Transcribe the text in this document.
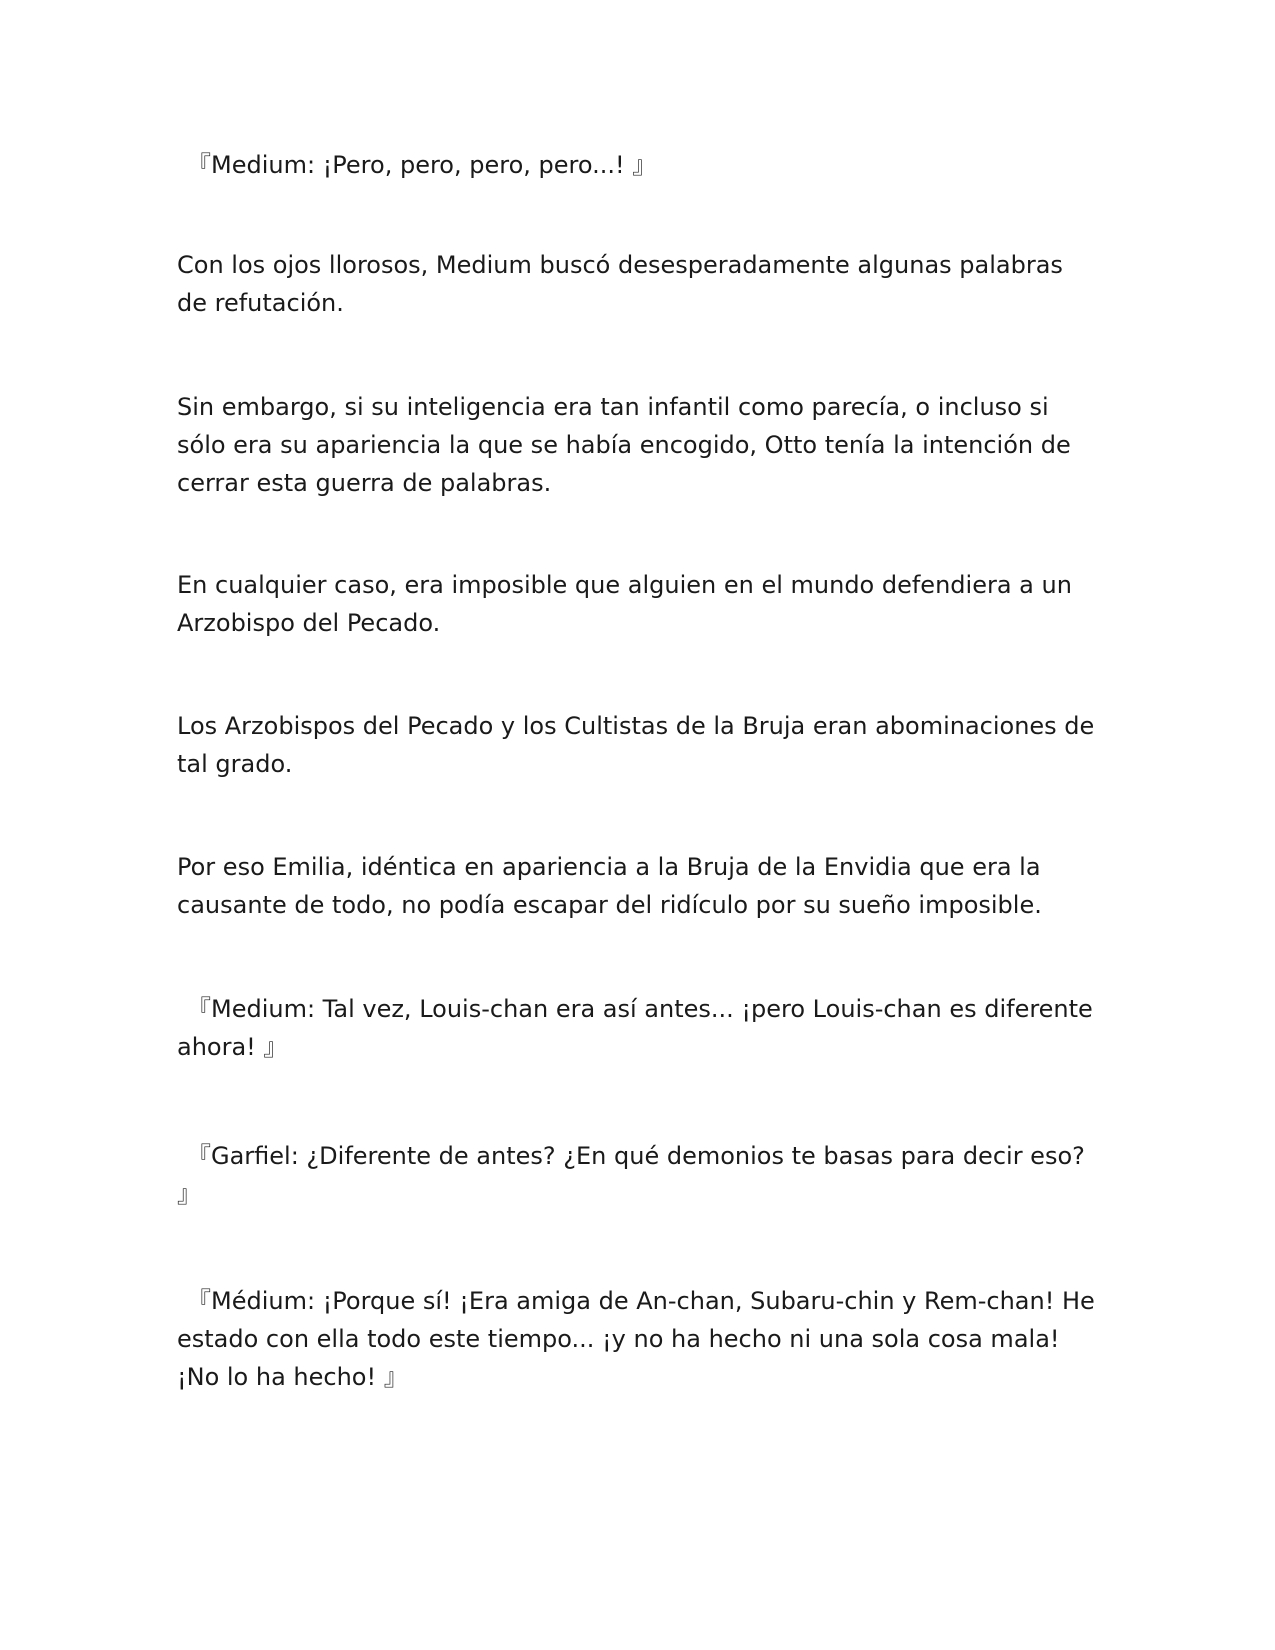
『Medium: ¡Pero, pero, pero, pero...! 』

Con los ojos llorosos, Medium buscó desesperadamente algunas palabras de refutación.

Sin embargo, si su inteligencia era tan infantil como parecía, o incluso si sólo era su apariencia la que se había encogido, Otto tenía la intención de cerrar esta guerra de palabras.

En cualquier caso, era imposible que alguien en el mundo defendiera a un Arzobispo del Pecado.

Los Arzobispos del Pecado y los Cultistas de la Bruja eran abominaciones de tal grado.

Por eso Emilia, idéntica en apariencia a la Bruja de la Envidia que era la causante de todo, no podía escapar del ridículo por su sueño imposible.

『Medium: Tal vez, Louis-chan era así antes... ¡pero Louis-chan es diferente ahora! 』

『Garfiel: ¿Diferente de antes? ¿En qué demonios te basas para decir eso? 』

『Médium: ¡Porque sí! ¡Era amiga de An-chan, Subaru-chin y Rem-chan! He estado con ella todo este tiempo... ¡y no ha hecho ni una sola cosa mala! ¡No lo ha hecho! 』
